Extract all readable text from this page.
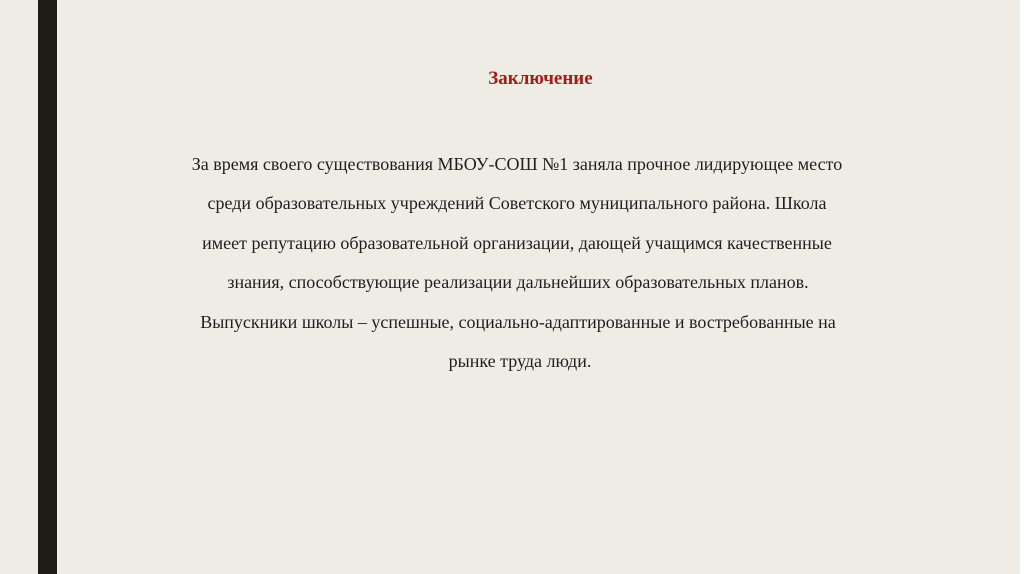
Заключение
За время своего существования МБОУ-СОШ №1 заняла прочное лидирующее место
среди образовательных учреждений Советского муниципального района. Школа
имеет репутацию образовательной организации, дающей учащимся качественные
знания, способствующие реализации дальнейших образовательных планов.
Выпускники школы – успешные, социально-адаптированные и востребованные на
рынке труда люди.
